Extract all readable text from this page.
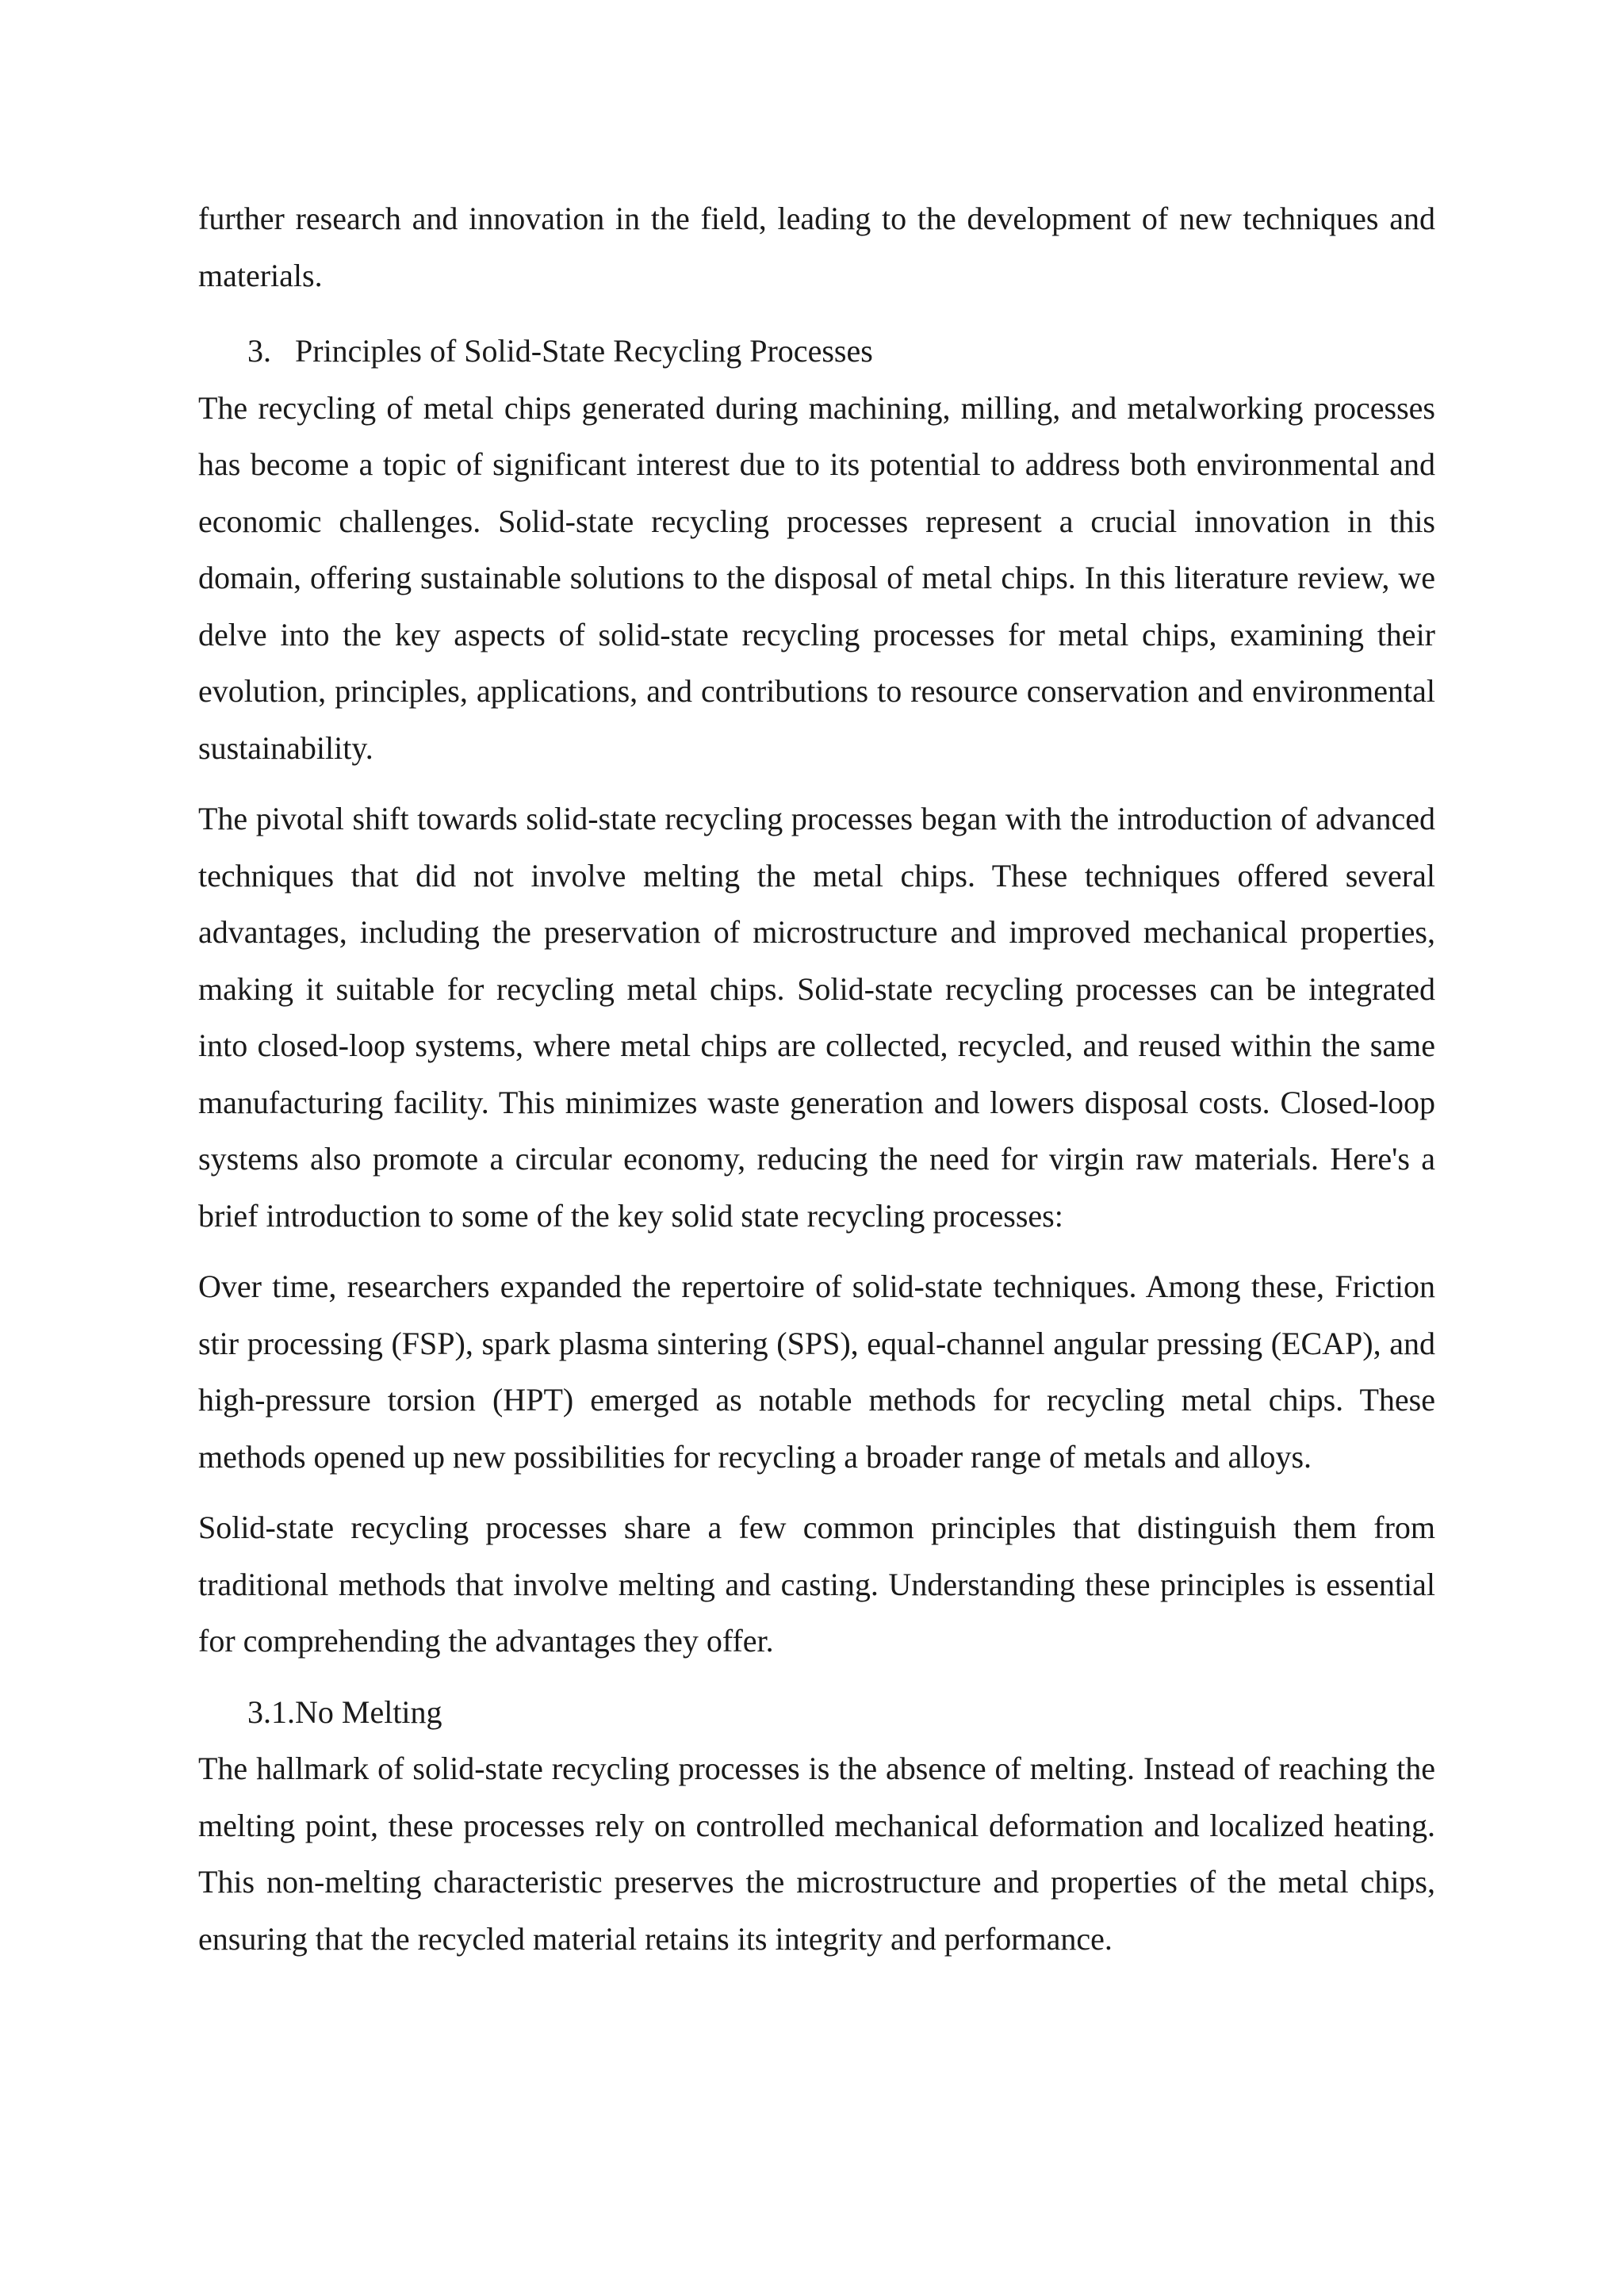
further research and innovation in the field, leading to the development of new techniques and materials.

3. Principles of Solid-State Recycling Processes

The recycling of metal chips generated during machining, milling, and metalworking processes has become a topic of significant interest due to its potential to address both environmental and economic challenges. Solid-state recycling processes represent a crucial innovation in this domain, offering sustainable solutions to the disposal of metal chips. In this literature review, we delve into the key aspects of solid-state recycling processes for metal chips, examining their evolution, principles, applications, and contributions to resource conservation and environmental sustainability.

The pivotal shift towards solid-state recycling processes began with the introduction of advanced techniques that did not involve melting the metal chips. These techniques offered several advantages, including the preservation of microstructure and improved mechanical properties, making it suitable for recycling metal chips. Solid-state recycling processes can be integrated into closed-loop systems, where metal chips are collected, recycled, and reused within the same manufacturing facility. This minimizes waste generation and lowers disposal costs. Closed-loop systems also promote a circular economy, reducing the need for virgin raw materials. Here's a brief introduction to some of the key solid state recycling processes:

Over time, researchers expanded the repertoire of solid-state techniques. Among these, Friction stir processing (FSP), spark plasma sintering (SPS), equal-channel angular pressing (ECAP), and high-pressure torsion (HPT) emerged as notable methods for recycling metal chips. These methods opened up new possibilities for recycling a broader range of metals and alloys.

Solid-state recycling processes share a few common principles that distinguish them from traditional methods that involve melting and casting. Understanding these principles is essential for comprehending the advantages they offer.

3.1.No Melting

The hallmark of solid-state recycling processes is the absence of melting. Instead of reaching the melting point, these processes rely on controlled mechanical deformation and localized heating. This non-melting characteristic preserves the microstructure and properties of the metal chips, ensuring that the recycled material retains its integrity and performance.
